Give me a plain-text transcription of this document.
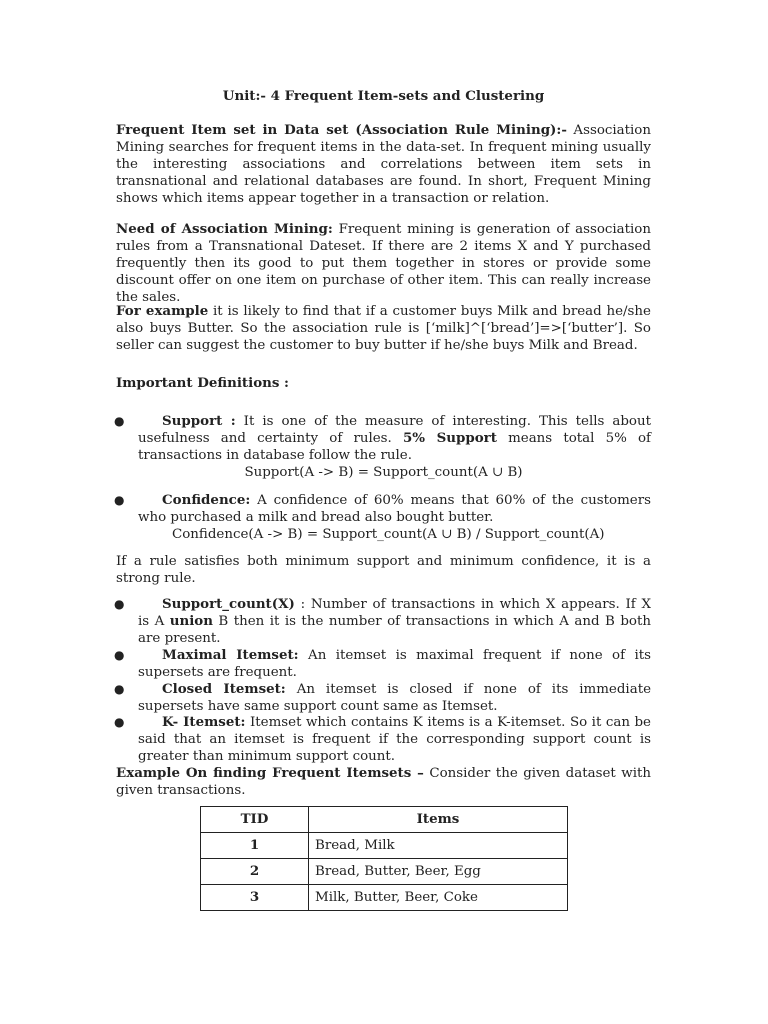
Unit:- 4 Frequent Item-sets and Clustering
Frequent Item set in Data set (Association Rule Mining):- Association Mining searches for frequent items in the data-set. In frequent mining usually the interesting associations and correlations between item sets in transnational and relational databases are found. In short, Frequent Mining shows which items appear together in a transaction or relation.
Need of Association Mining: Frequent mining is generation of association rules from a Transnational Dateset. If there are 2 items X and Y purchased frequently then its good to put them together in stores or provide some discount offer on one item on purchase of other item. This can really increase the sales.
For example it is likely to find that if a customer buys Milk and bread he/she also buys Butter. So the association rule is [‘milk]^[‘bread’]=>[‘butter’]. So seller can suggest the customer to buy butter if he/she buys Milk and Bread.
Important Definitions :
●	Support : It is one of the measure of interesting. This tells about usefulness and certainty of rules. 5% Support means total 5% of transactions in database follow the rule.
Support(A -> B) = Support_count(A ∪ B)
●	Confidence: A confidence of 60% means that 60% of the customers who purchased a milk and bread also bought butter.
Confidence(A -> B) = Support_count(A ∪ B) / Support_count(A)
If a rule satisfies both minimum support and minimum confidence, it is a strong rule.
●	Support_count(X) : Number of transactions in which X appears. If X is A union B then it is the number of transactions in which A and B both are present.
●	Maximal Itemset: An itemset is maximal frequent if none of its supersets are frequent.
●	Closed Itemset: An itemset is closed if none of its immediate supersets have same support count same as Itemset.
●	K- Itemset: Itemset which contains K items is a K-itemset. So it can be said that an itemset is frequent if the corresponding support count is greater than minimum support count.
Example On finding Frequent Itemsets – Consider the given dataset with given transactions.
TID	Items
1	Bread, Milk
2	Bread, Butter, Beer, Egg
3	Milk, Butter, Beer, Coke
